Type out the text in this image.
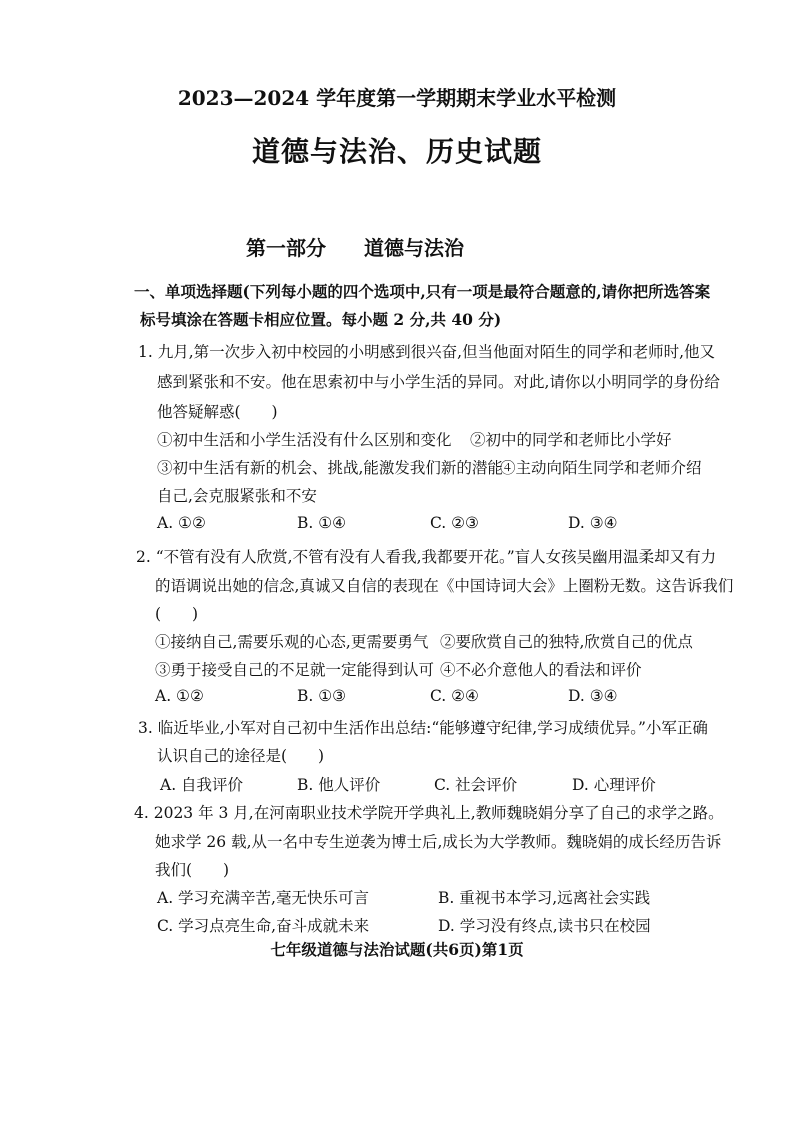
2023—2024 学年度第一学期期末学业水平检测
道德与法治、历史试题
第一部分 道德与法治
一、单项选择题(下列每小题的四个选项中,只有一项是最符合题意的,请你把所选答案
标号填涂在答题卡相应位置。每小题 2 分,共 40 分)
1. 九月,第一次步入初中校园的小明感到很兴奋,但当他面对陌生的同学和老师时,他又
感到紧张和不安。他在思索初中与小学生活的异同。对此,请你以小明同学的身份给
他答疑解惑(　　)
①初中生活和小学生活没有什么区别和变化 ②初中的同学和老师比小学好
③初中生活有新的机会、挑战,能激发我们新的潜能
④主动向陌生同学和老师介绍
自己,会克服紧张和不安
A. ①②	B. ①④	C. ②③	D. ③④
2. “不管有没有人欣赏,不管有没有人看我,我都要开花。”盲人女孩吴幽用温柔却又有力
的语调说出她的信念,真诚又自信的表现在《中国诗词大会》上圈粉无数。这告诉我们
(　　)
①接纳自己,需要乐观的心态,更需要勇气 ②要欣赏自己的独特,欣赏自己的优点
③勇于接受自己的不足就一定能得到认可 ④不必介意他人的看法和评价
A. ①②	B. ①③	C. ②④	D. ③④
3. 临近毕业,小军对自己初中生活作出总结:“能够遵守纪律,学习成绩优异。”小军正确
认识自己的途径是(　　)
A. 自我评价	B. 他人评价	C. 社会评价	D. 心理评价
4. 2023 年 3 月,在河南职业技术学院开学典礼上,教师魏晓娟分享了自己的求学之路。
她求学 26 载,从一名中专生逆袭为博士后,成长为大学教师。魏晓娟的成长经历告诉
我们(　　)
A. 学习充满辛苦,毫无快乐可言	B. 重视书本学习,远离社会实践
C. 学习点亮生命,奋斗成就未来	D. 学习没有终点,读书只在校园
七年级道德与法治试题(共6页)第1页
